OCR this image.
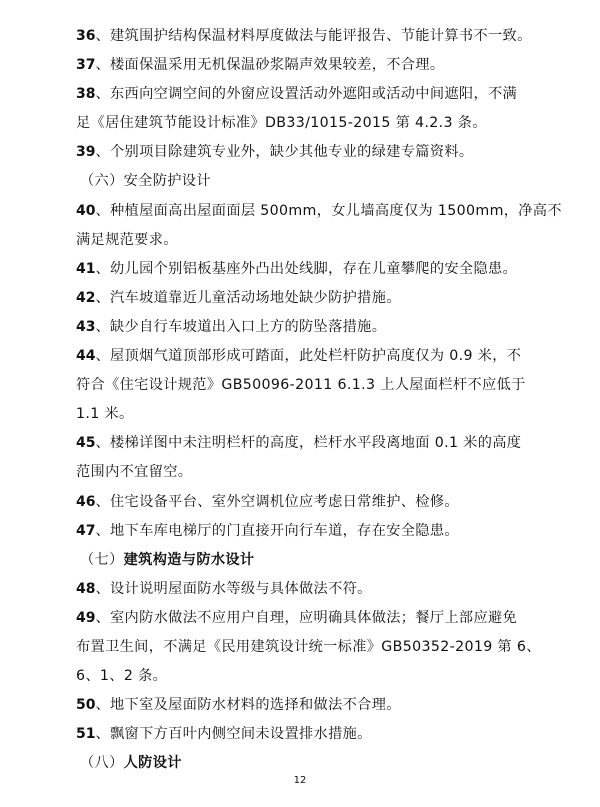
36、建筑围护结构保温材料厚度做法与能评报告、节能计算书不一致。
37、楼面保温采用无机保温砂浆隔声效果较差，不合理。
38、东西向空调空间的外窗应设置活动外遮阳或活动中间遮阳，不满
足《居住建筑节能设计标准》DB33/1015-2015 第 4.2.3 条。
39、个别项目除建筑专业外，缺少其他专业的绿建专篇资料。
（六）安全防护设计
40、种植屋面高出屋面面层 500mm，女儿墙高度仅为 1500mm，净高不
满足规范要求。
41、幼儿园个别铝板基座外凸出处线脚，存在儿童攀爬的安全隐患。
42、汽车坡道靠近儿童活动场地处缺少防护措施。
43、缺少自行车坡道出入口上方的防坠落措施。
44、屋顶烟气道顶部形成可踏面，此处栏杆防护高度仅为 0.9 米，不
符合《住宅设计规范》GB50096-2011 6.1.3 上人屋面栏杆不应低于
1.1 米。
45、楼梯详图中未注明栏杆的高度，栏杆水平段离地面 0.1 米的高度
范围内不宜留空。
46、住宅设备平台、室外空调机位应考虑日常维护、检修。
47、地下车库电梯厅的门直接开向行车道，存在安全隐患。
（七）建筑构造与防水设计
48、设计说明屋面防水等级与具体做法不符。
49、室内防水做法不应用户自理，应明确具体做法；餐厅上部应避免
布置卫生间，不满足《民用建筑设计统一标准》GB50352-2019 第 6、
6、1、2 条。
50、地下室及屋面防水材料的选择和做法不合理。
51、飘窗下方百叶内侧空间未设置排水措施。
（八）人防设计
12
